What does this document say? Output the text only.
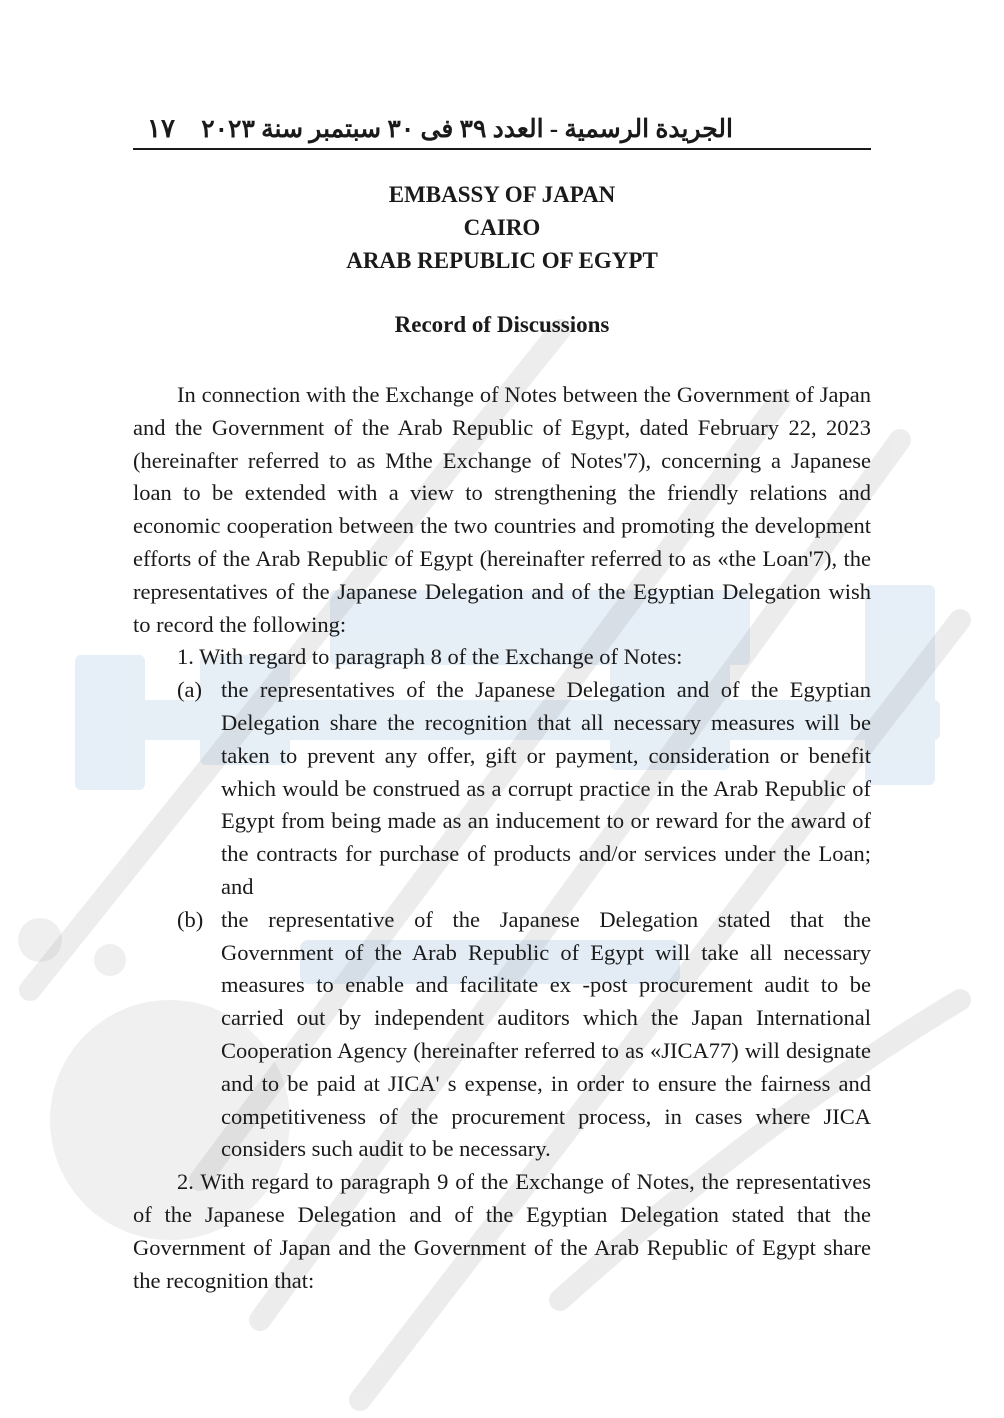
١٧ الجريدة الرسمية - العدد ٣٩ فى ٣٠ سبتمبر سنة ٢٠٢٣
EMBASSY OF JAPAN
CAIRO
ARAB REPUBLIC OF EGYPT
Record of Discussions

In connection with the Exchange of Notes between the Government of Japan and the Government of the Arab Republic of Egypt, dated February 22, 2023 (hereinafter referred to as Mthe Exchange of Notes'7), concerning a Japanese loan to be extended with a view to strengthening the friendly relations and economic cooperation between the two countries and promoting the development efforts of the Arab Republic of Egypt (hereinafter referred to as «the Loan'7), the representatives of the Japanese Delegation and of the Egyptian Delegation wish to record the following:

1. With regard to paragraph 8 of the Exchange of Notes:

(a) the representatives of the Japanese Delegation and of the Egyptian Delegation share the recognition that all necessary measures will be taken to prevent any offer, gift or payment, consideration or benefit which would be construed as a corrupt practice in the Arab Republic of Egypt from being made as an inducement to or reward for the award of the contracts for purchase of products and/or services under the Loan; and
(b) the representative of the Japanese Delegation stated that the Government of the Arab Republic of Egypt will take all necessary measures to enable and facilitate ex -post procurement audit to be carried out by independent auditors which the Japan International Cooperation Agency (hereinafter referred to as «JICA77) will designate and to be paid at JICA' s expense, in order to ensure the fairness and competitiveness of the procurement process, in cases where JICA considers such audit to be necessary.

2. With regard to paragraph 9 of the Exchange of Notes, the representatives of the Japanese Delegation and of the Egyptian Delegation stated that the Government of Japan and the Government of the Arab Republic of Egypt share the recognition that:
